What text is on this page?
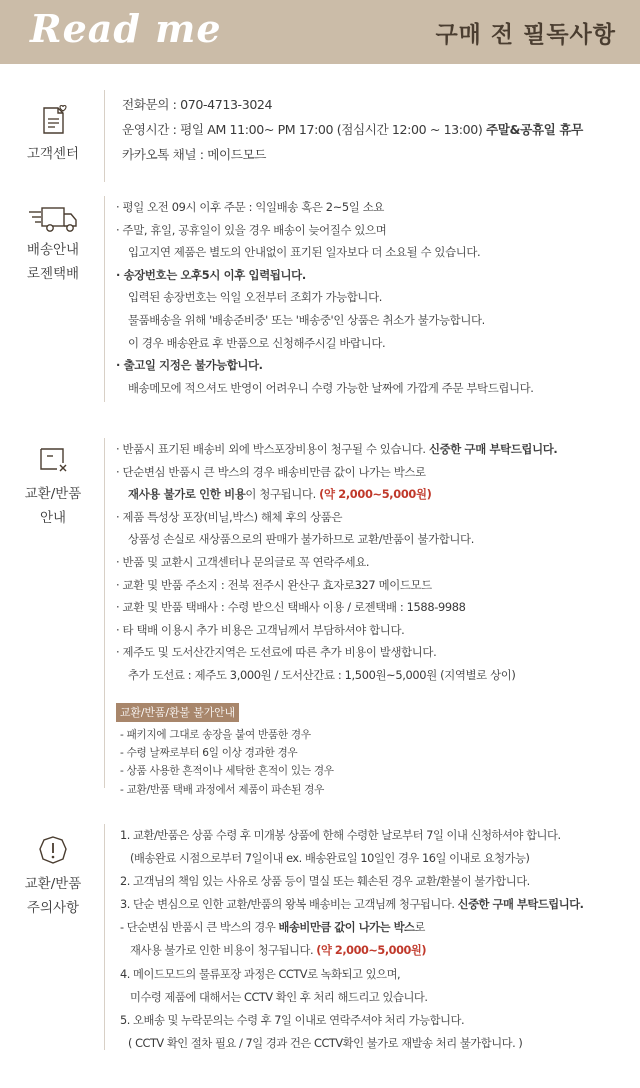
Read me	구매 전 필독사항
고객센터
전화문의 : 070-4713-3024
운영시간 : 평일 AM 11:00~ PM 17:00 (점심시간 12:00 ~ 13:00) 주말&공휴일 휴무
카카오톡 채널 : 메이드모드
배송안내
로젠택배
· 평일 오전 09시 이후 주문 : 익일배송 혹은 2~5일 소요
· 주말, 휴일, 공휴일이 있을 경우 배송이 늦어질수 있으며
입고지연 제품은 별도의 안내없이 표기된 일자보다 더 소요될 수 있습니다.
· 송장번호는 오후5시 이후 입력됩니다.
입력된 송장번호는 익일 오전부터 조회가 가능합니다.
물품배송을 위해 '배송준비중' 또는 '배송중'인 상품은 취소가 불가능합니다.
이 경우 배송완료 후 반품으로 신청해주시길 바랍니다.
· 출고일 지정은 불가능합니다.
배송메모에 적으셔도 반영이 어려우니 수령 가능한 날짜에 가깝게 주문 부탁드립니다.
교환/반품
안내
· 반품시 표기된 배송비 외에 박스포장비용이 청구될 수 있습니다. 신중한 구매 부탁드립니다.
· 단순변심 반품시 큰 박스의 경우 배송비만큼 값이 나가는 박스로
재사용 불가로 인한 비용이 청구됩니다. (약 2,000~5,000원)
· 제품 특성상 포장(비닐,박스) 해체 후의 상품은
상품성 손실로 새상품으로의 판매가 불가하므로 교환/반품이 불가합니다.
· 반품 및 교환시 고객센터나 문의글로 꼭 연락주세요.
· 교환 및 반품 주소지 : 전북 전주시 완산구 효자로327 메이드모드
· 교환 및 반품 택배사 : 수령 받으신 택배사 이용 / 로젠택배 : 1588-9988
· 타 택배 이용시 추가 비용은 고객님께서 부담하셔야 합니다.
· 제주도 및 도서산간지역은 도선료에 따른 추가 비용이 발생합니다.
추가 도선료 : 제주도 3,000원 / 도서산간료 : 1,500원~5,000원 (지역별로 상이)
교환/반품/환불 불가안내
- 패키지에 그대로 송장을 붙여 반품한 경우
- 수령 날짜로부터 6일 이상 경과한 경우
- 상품 사용한 흔적이나 세탁한 흔적이 있는 경우
- 교환/반품 택배 과정에서 제품이 파손된 경우
교환/반품
주의사항
1. 교환/반품은 상품 수령 후 미개봉 상품에 한해 수령한 날로부터 7일 이내 신청하셔야 합니다.
(배송완료 시점으로부터 7일이내 ex. 배송완료일 10일인 경우 16일 이내로 요청가능)
2. 고객님의 책임 있는 사유로 상품 등이 멸실 또는 훼손된 경우 교환/환불이 불가합니다.
3. 단순 변심으로 인한 교환/반품의 왕복 배송비는 고객님께 청구됩니다. 신중한 구매 부탁드립니다.
- 단순변심 반품시 큰 박스의 경우 배송비만큼 값이 나가는 박스로
재사용 불가로 인한 비용이 청구됩니다. (약 2,000~5,000원)
4. 메이드모드의 물류포장 과정은 CCTV로 녹화되고 있으며,
미수령 제품에 대해서는 CCTV 확인 후 처리 해드리고 있습니다.
5. 오배송 및 누락문의는 수령 후 7일 이내로 연락주셔야 처리 가능합니다.
( CCTV 확인 절차 필요 / 7일 경과 건은 CCTV확인 불가로 재발송 처리 불가합니다. )
